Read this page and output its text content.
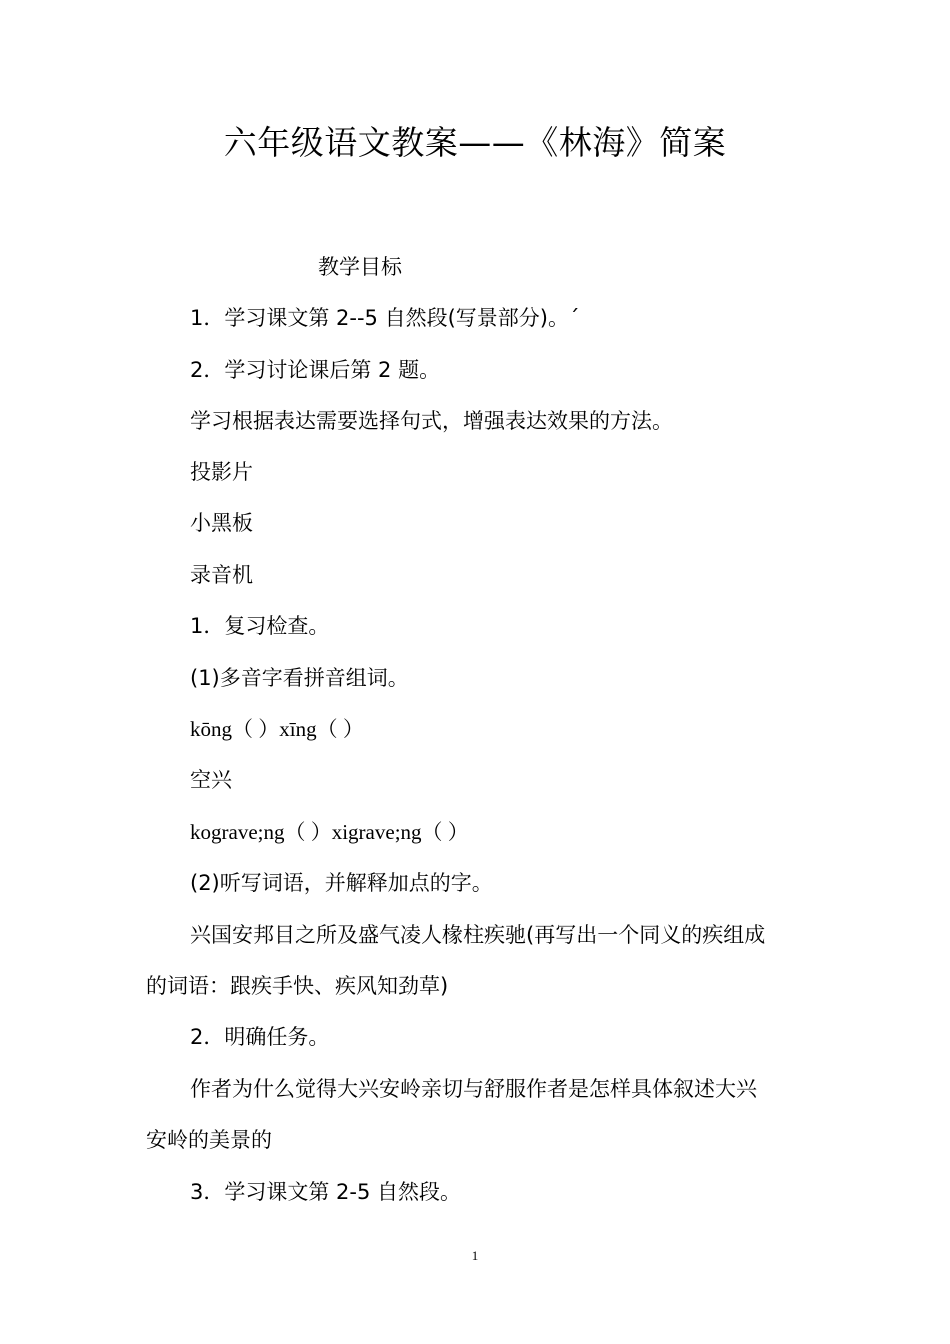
六年级语文教案——《林海》简案
教学目标
1．学习课文第 2--5 自然段(写景部分)。ˊ
2．学习讨论课后第 2 题。
学习根据表达需要选择句式，增强表达效果的方法。
投影片
小黑板
录音机
1．复习检查。
(1)多音字看拼音组词。
kōng（ ）xīng（ ）
空兴
kograve;ng（ ）xigrave;ng（ ）
(2)听写词语，并解释加点的字。
兴国安邦目之所及盛气凌人椽柱疾驰(再写出一个同义的疾组成
的词语：跟疾手快、疾风知劲草)
2．明确任务。
作者为什么觉得大兴安岭亲切与舒服作者是怎样具体叙述大兴
安岭的美景的
3．学习课文第 2-5 自然段。
1
